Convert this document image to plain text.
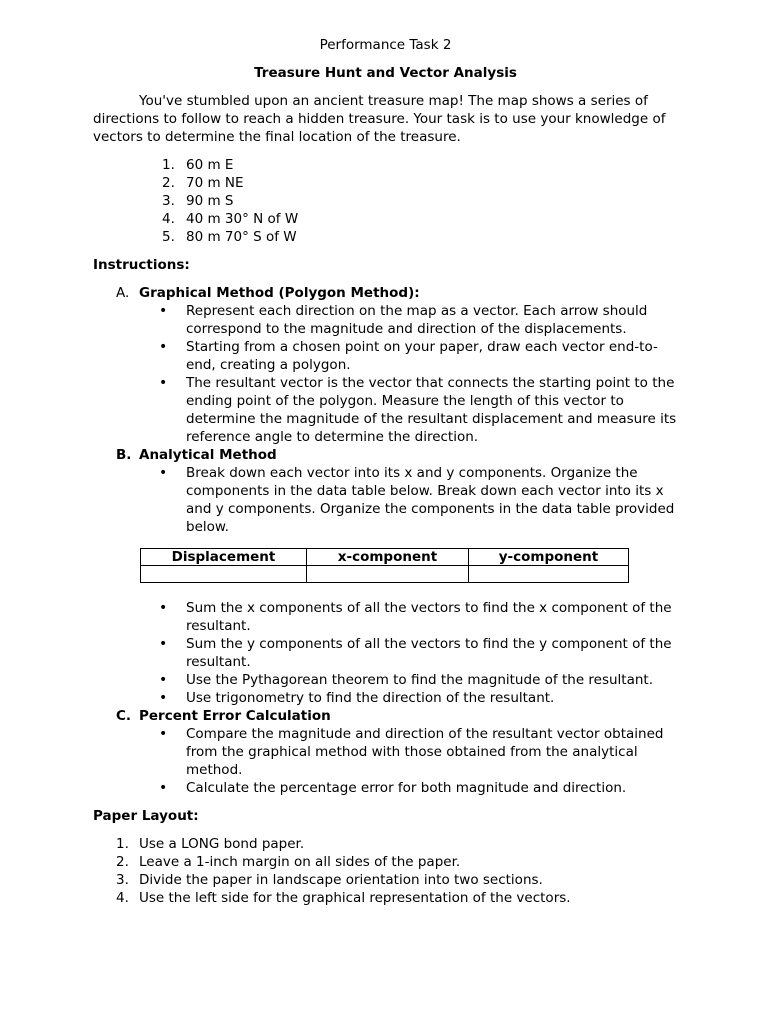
Performance Task 2

Treasure Hunt and Vector Analysis

You've stumbled upon an ancient treasure map! The map shows a series of directions to follow to reach a hidden treasure. Your task is to use your knowledge of vectors to determine the final location of the treasure.

1. 60 m E
2. 70 m NE
3. 90 m S
4. 40 m 30° N of W
5. 80 m 70° S of W

Instructions:

A. Graphical Method (Polygon Method):

• Represent each direction on the map as a vector. Each arrow should correspond to the magnitude and direction of the displacements.
• Starting from a chosen point on your paper, draw each vector end-to-end, creating a polygon.
• The resultant vector is the vector that connects the starting point to the ending point of the polygon. Measure the length of this vector to determine the magnitude of the resultant displacement and measure its reference angle to determine the direction.

B. Analytical Method

• Break down each vector into its x and y components. Organize the components in the data table below. Break down each vector into its x and y components. Organize the components in the data table provided below.
Displacement	x-component	y-component

• Sum the x components of all the vectors to find the x component of the resultant.
• Sum the y components of all the vectors to find the y component of the resultant.
• Use the Pythagorean theorem to find the magnitude of the resultant.
• Use trigonometry to find the direction of the resultant.

C. Percent Error Calculation

• Compare the magnitude and direction of the resultant vector obtained from the graphical method with those obtained from the analytical method.
• Calculate the percentage error for both magnitude and direction.

Paper Layout:

1. Use a LONG bond paper.
2. Leave a 1-inch margin on all sides of the paper.
3. Divide the paper in landscape orientation into two sections.
4. Use the left side for the graphical representation of the vectors.
